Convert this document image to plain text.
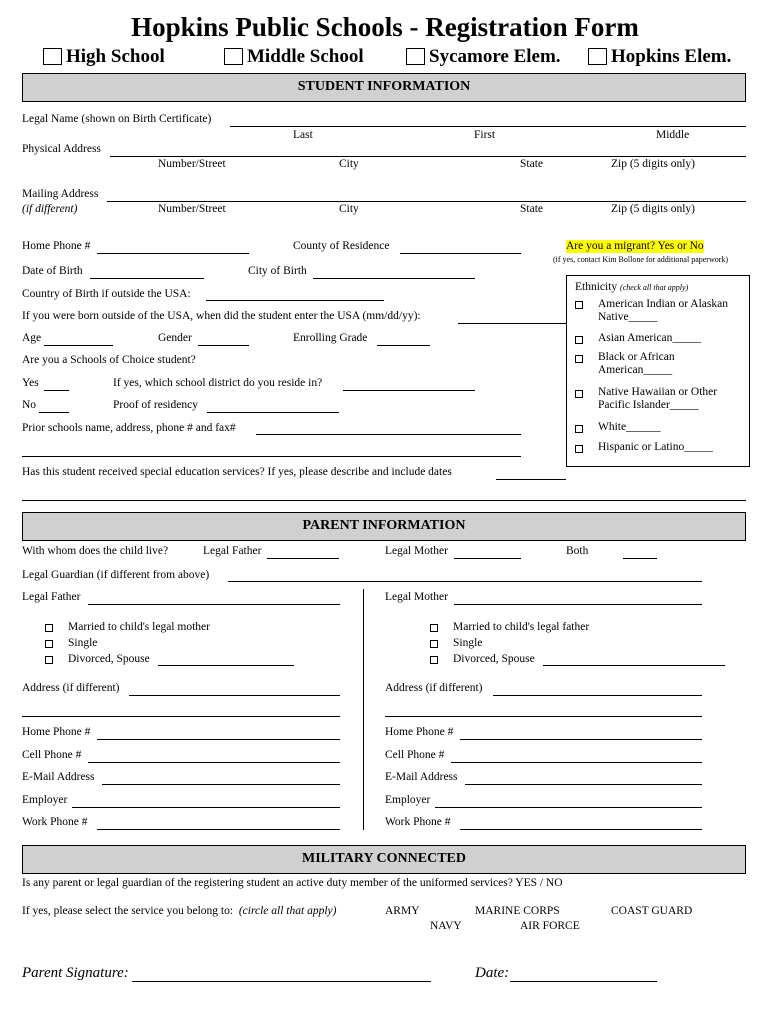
Hopkins Public Schools - Registration Form
High School	Middle School	Sycamore Elem.	Hopkins Elem.
STUDENT INFORMATION
Legal Name (shown on Birth Certificate)
Last	First	Middle
Physical Address
Number/Street	City	State	Zip (5 digits only)
Mailing Address
(if different)	Number/Street	City	State	Zip (5 digits only)
Home Phone #	County of Residence	Are you a migrant? Yes or No
(if yes, contact Kim Bollone for additional paperwork)
Date of Birth	City of Birth
Country of Birth if outside the USA:
If you were born outside of the USA, when did the student enter the USA (mm/dd/yy):
Age	Gender	Enrolling Grade
Are you a Schools of Choice student?
Yes	If yes, which school district do you reside in?
No	Proof of residency
Prior schools name, address, phone # and fax#
Has this student received special education services? If yes, please describe and include dates
Ethnicity (check all that apply)
American Indian or Alaskan
Native_____
Asian American_____
Black or African
American_____
Native Hawaiian or Other
Pacific Islander_____
White______
Hispanic or Latino_____
PARENT INFORMATION
With whom does the child live?	Legal Father	Legal Mother	Both
Legal Guardian (if different from above)
Legal Father
Married to child's legal mother
Single
Divorced, Spouse
Address (if different)
Home Phone #
Cell Phone #
E-Mail Address
Employer
Work Phone #
Legal Mother
Married to child's legal father
Single
Divorced, Spouse
Address (if different)
Home Phone #
Cell Phone #
E-Mail Address
Employer
Work Phone #
MILITARY CONNECTED
Is any parent or legal guardian of the registering student an active duty member of the uniformed services? YES / NO
If yes, please select the service you belong to: (circle all that apply)	ARMY	MARINE CORPS	COAST GUARD
NAVY	AIR FORCE
Parent Signature:	Date:
